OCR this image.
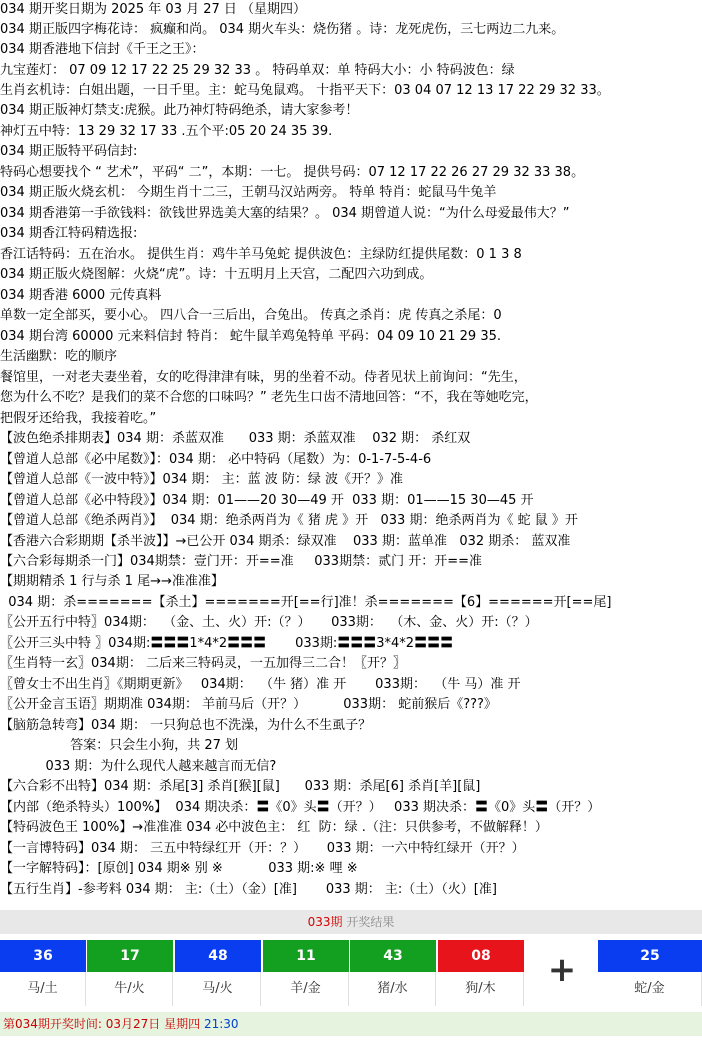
034 期开奖日期为 2025 年 03 月 27 日 （星期四）
034 期正版四字梅花诗： 疯癫和尚。 034 期火车头：烧伤猪 。诗：龙死虎伤，三七两边二九来。
034 期香港地下信封《千王之王》：
九宝莲灯： 07 09 12 17 22 25 29 32 33 。 特码单双：单 特码大小：小 特码波色：绿
生肖玄机诗：白姐出题，一日千里。主：蛇马兔鼠鸡。 十指平天下：03 04 07 12 13 17 22 29 32 33。
034 期正版神灯禁支:虎猴。此乃神灯特码绝杀，请大家参考！
神灯五中特：13 29 32 17 33 .五个平:05 20 24 35 39.
034 期正版特平码信封:
特码心想要找个 “ 艺术”，平码“ 二”，本期：一七。 提供号码：07 12 17 22 26 27 29 32 33 38。
034 期正版火烧玄机： 今期生肖十二三，王朝马汉站两旁。 特单 特肖：蛇鼠马牛兔羊
034 期香港第一手欲钱料：欲钱世界选美大塞的结果？。 034 期曾道人说：“为什么母爱最伟大？”
034 期香江特码精选报:
香江话特码：五在治水。 提供生肖：鸡牛羊马兔蛇 提供波色：主绿防红提供尾数：0 1 3 8
034 期正版火烧图解：火烧“虎”。诗：十五明月上天宫，二配四六功到成。
034 期香港 6000 元传真料
单数一定全部买，要小心。 四八合一三后出，合兔出。 传真之杀肖：虎 传真之杀尾：0
034 期台湾 60000 元来料信封 特肖： 蛇牛鼠羊鸡兔特单 平码：04 09 10 21 29 35.
生活幽默：吃的顺序
餐馆里，一对老夫妻坐着，女的吃得津津有味，男的坐着不动。侍者见状上前询问：“先生，
您为什么不吃？是我们的菜不合您的口味吗？” 老先生口齿不清地回答：“不，我在等她吃完，
把假牙还给我，我接着吃。”
【波色绝杀排期表】034 期：杀蓝双准      033 期：杀蓝双准    032 期： 杀红双
【曾道人总部《必中尾数》】：034 期： 必中特码（尾数）为：0-1-7-5-4-6
【曾道人总部《一波中特》】034 期： 主：蓝 波 防：绿 波《开？》准
【曾道人总部《必中特段》】034 期：01——20 30—49 开  033 期：01——15 30—45 开
【曾道人总部《绝杀两肖》】  034 期：绝杀两肖为《 猪 虎 》开   033 期：绝杀两肖为《 蛇 鼠 》开
【香港六合彩期期【杀半波】】→已公开 034 期杀：绿双准    033 期：蓝单准   032 期杀： 蓝双准
【六合彩每期杀一门】034期禁：壹门开：开==准     033期禁：贰门 开：开==准
【期期精杀 1 行与杀 1 尾→→准准准】
034 期：杀=======【杀土】=======开[==行]准！杀=======【6】======开[==尾]
〖公开五行中特〗034期：  （金、土、火）开:（？）     033期：  （木、金、火）开:（？）
〖公开三头中特 〗034期:〓〓〓1*4*2〓〓〓       033期:〓〓〓3*4*2〓〓〓
〖生肖特一玄〗034期： 二后来三特码灵，一五加得三二合！〖开？〗
〖曾女士不出生肖〗《期期更新》   034期：  （牛 猪）准 开       033期：  （牛 马）准 开
〖公开金言玉语〗期期准 034期： 羊前马后（开？）         033期： 蛇前猴后《???》
【脑筋急转弯】034 期： 一只狗总也不洗澡，为什么不生虱子？
答案：只会生小狗，共 27 划
033 期：为什么现代人越来越言而无信?
【六合彩不出特】034 期：杀尾[3] 杀肖[猴][鼠]      033 期：杀尾[6] 杀肖[羊][鼠]
【内部（绝杀特头）100%】  034 期决杀：〓《0》头〓（开？）   033 期决杀：〓《0》头〓（开？）
【特码波色王 100%】→准准准 034 必中波色主： 红  防：绿 .（注：只供参考，不做解释！）
【一言博特码】034 期： 三五中特绿红开（开：？）     033 期：一六中特红绿开（开？）
【一字解特码】：[原创] 034 期※ 别 ※           033 期:※ 哩 ※
【五行生肖】-参考料 034 期： 主:（土）（金）[准]       033 期： 主:（土）（火）[准]
033期 开奖结果
36
马/土
17
牛/火
48
马/火
11
羊/金
43
猪/水
08
狗/木	+	25
蛇/金
第034期开奖时间: 03月27日 星期四 21:30
